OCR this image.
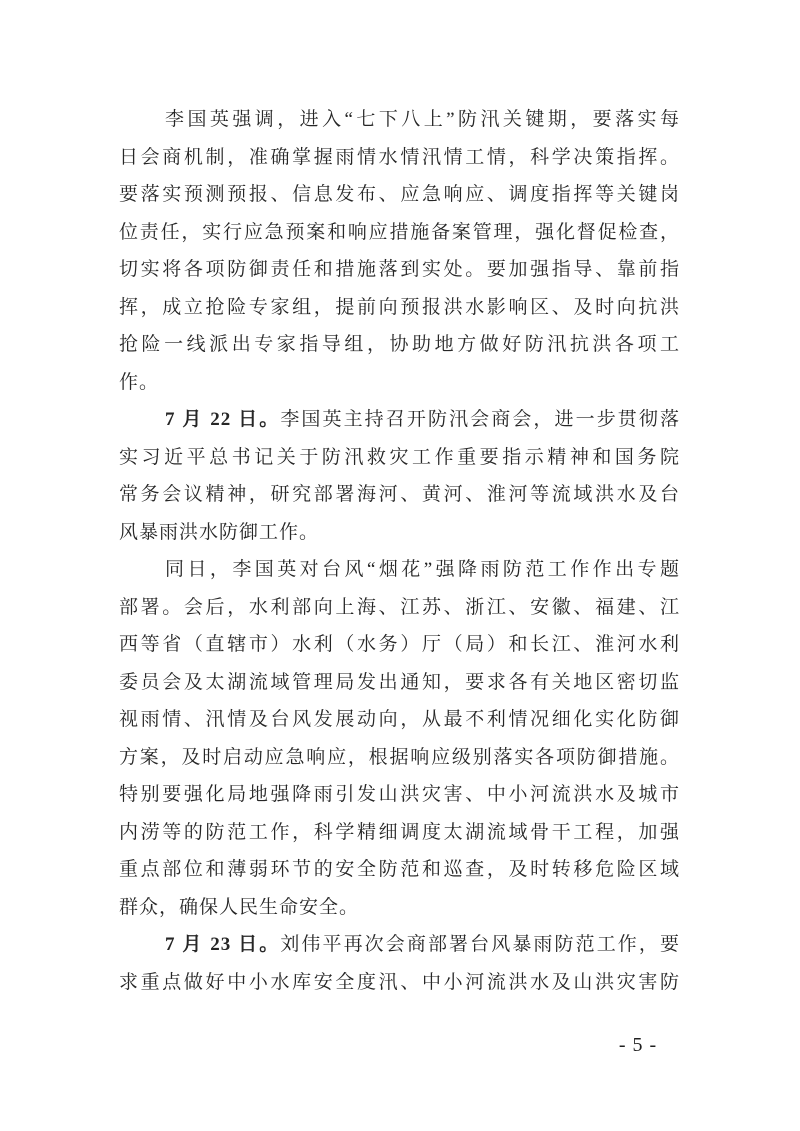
李国英强调，进入“七下八上”防汛关键期，要落实每
日会商机制，准确掌握雨情水情汛情工情，科学决策指挥。
要落实预测预报、信息发布、应急响应、调度指挥等关键岗
位责任，实行应急预案和响应措施备案管理，强化督促检查，
切实将各项防御责任和措施落到实处。要加强指导、靠前指
挥，成立抢险专家组，提前向预报洪水影响区、及时向抗洪
抢险一线派出专家指导组，协助地方做好防汛抗洪各项工
作。
7 月 22 日。李国英主持召开防汛会商会，进一步贯彻落
实习近平总书记关于防汛救灾工作重要指示精神和国务院
常务会议精神，研究部署海河、黄河、淮河等流域洪水及台
风暴雨洪水防御工作。
同日，李国英对台风“烟花”强降雨防范工作作出专题
部署。会后，水利部向上海、江苏、浙江、安徽、福建、江
西等省（直辖市）水利（水务）厅（局）和长江、淮河水利
委员会及太湖流域管理局发出通知，要求各有关地区密切监
视雨情、汛情及台风发展动向，从最不利情况细化实化防御
方案，及时启动应急响应，根据响应级别落实各项防御措施。
特别要强化局地强降雨引发山洪灾害、中小河流洪水及城市
内涝等的防范工作，科学精细调度太湖流域骨干工程，加强
重点部位和薄弱环节的安全防范和巡查，及时转移危险区域
群众，确保人民生命安全。
7 月 23 日。刘伟平再次会商部署台风暴雨防范工作，要
求重点做好中小水库安全度汛、中小河流洪水及山洪灾害防
- 5 -
